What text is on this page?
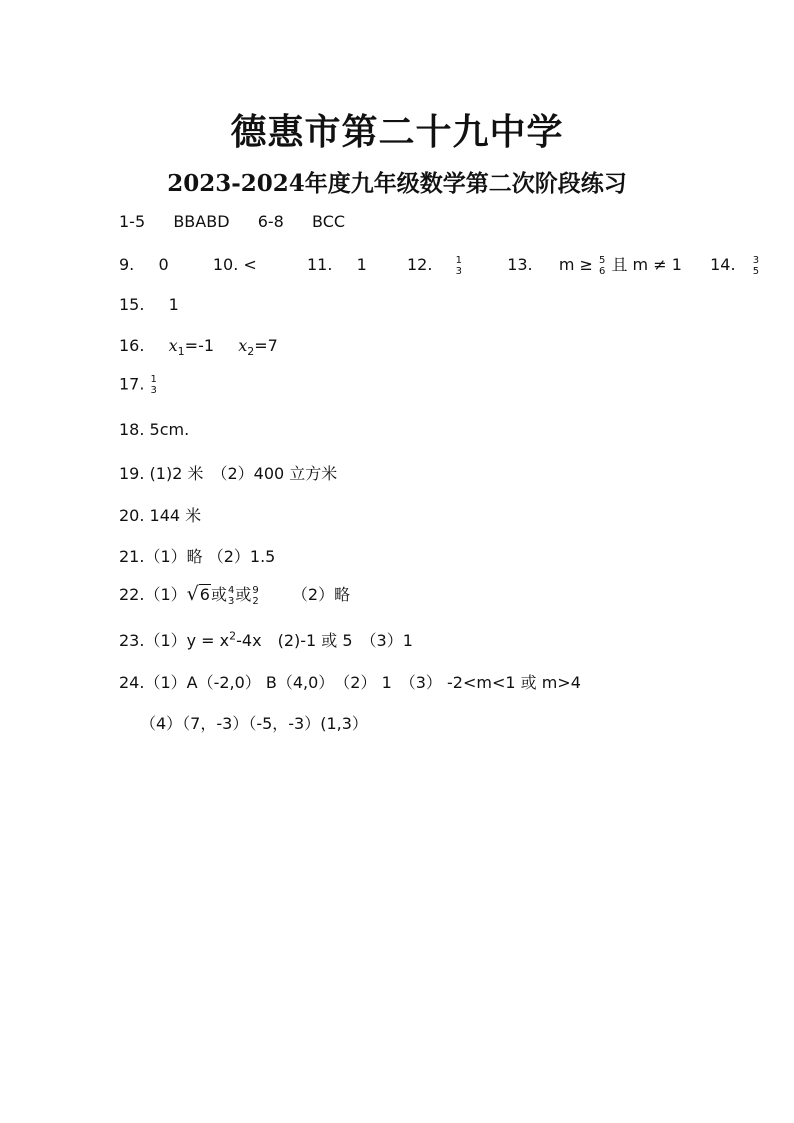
德惠市第二十九中学
2023-2024年度九年级数学第二次阶段练习
1-5 BBABD 6-8 BCC
9. 0	10. <	11. 1	12. 1
3	13. m ≥ 5
6 且 m ≠ 1 14. 3
5
15. 1
16. $x_1=-1$ $x_2=7$
17. 1
3
18. 5cm.
19. (1)2 米　（2）400 立方米
20. 144 米
21.（1）略 （2）1.5
22.（1）√6或 4
3 或 9
2 （2）略
$23.(1)y = x^2-4x$　(2)-1 或 5　（3）1
24.（1）A（-2,0） B（4,0）　（2） 1　（3） -2<m<1 或 m>4
（4）（7，-3）（-5，-3）(1,3）
